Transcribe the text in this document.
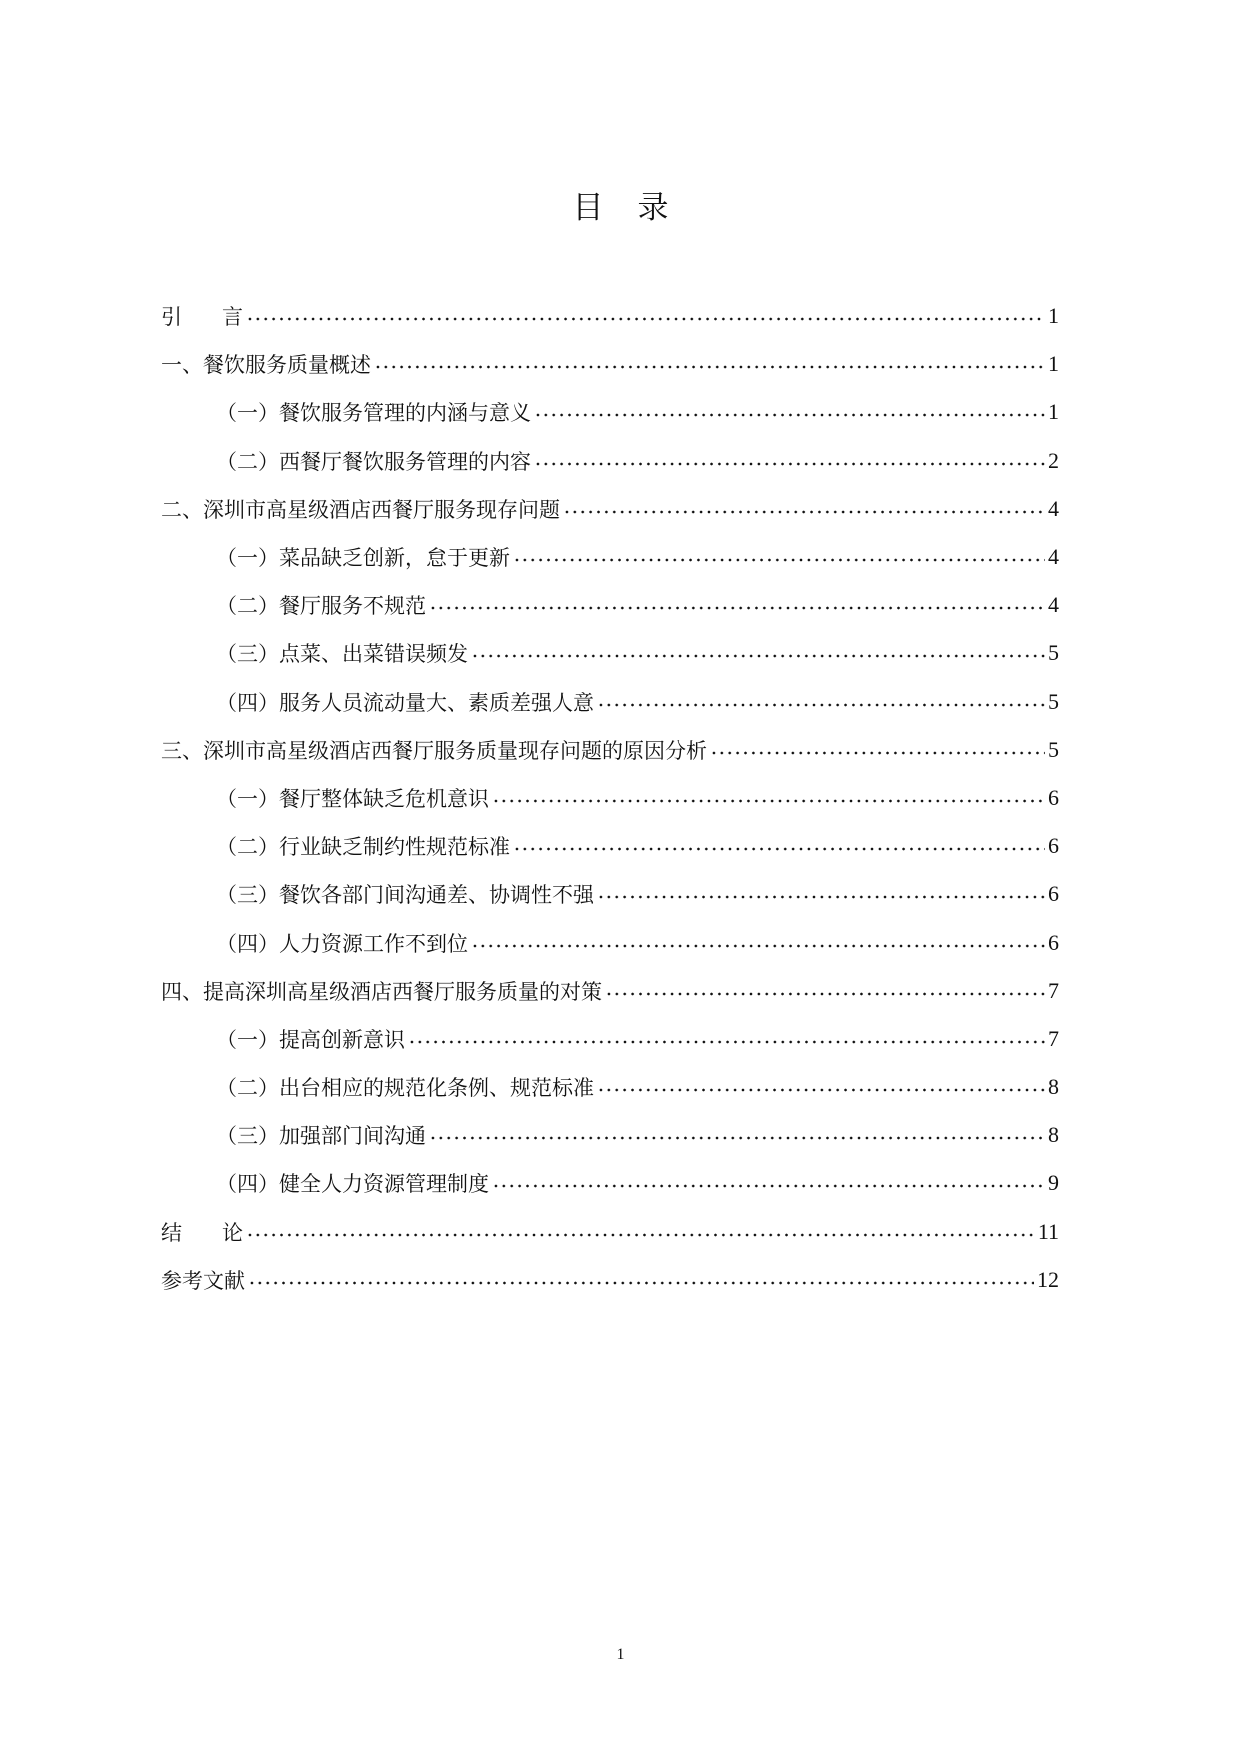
目录
引言	1
一、餐饮服务质量概述	1
（一）餐饮服务管理的内涵与意义	1
（二）西餐厅餐饮服务管理的内容	2
二、深圳市高星级酒店西餐厅服务现存问题	4
（一）菜品缺乏创新，怠于更新	4
（二）餐厅服务不规范	4
（三）点菜、出菜错误频发	5
（四）服务人员流动量大、素质差强人意	5
三、深圳市高星级酒店西餐厅服务质量现存问题的原因分析	5
（一）餐厅整体缺乏危机意识	6
（二）行业缺乏制约性规范标准	6
（三）餐饮各部门间沟通差、协调性不强	6
（四）人力资源工作不到位	6
四、提高深圳高星级酒店西餐厅服务质量的对策	7
（一）提高创新意识	7
（二）出台相应的规范化条例、规范标准	8
（三）加强部门间沟通	8
（四）健全人力资源管理制度	9
结论	11
参考文献	12
1
